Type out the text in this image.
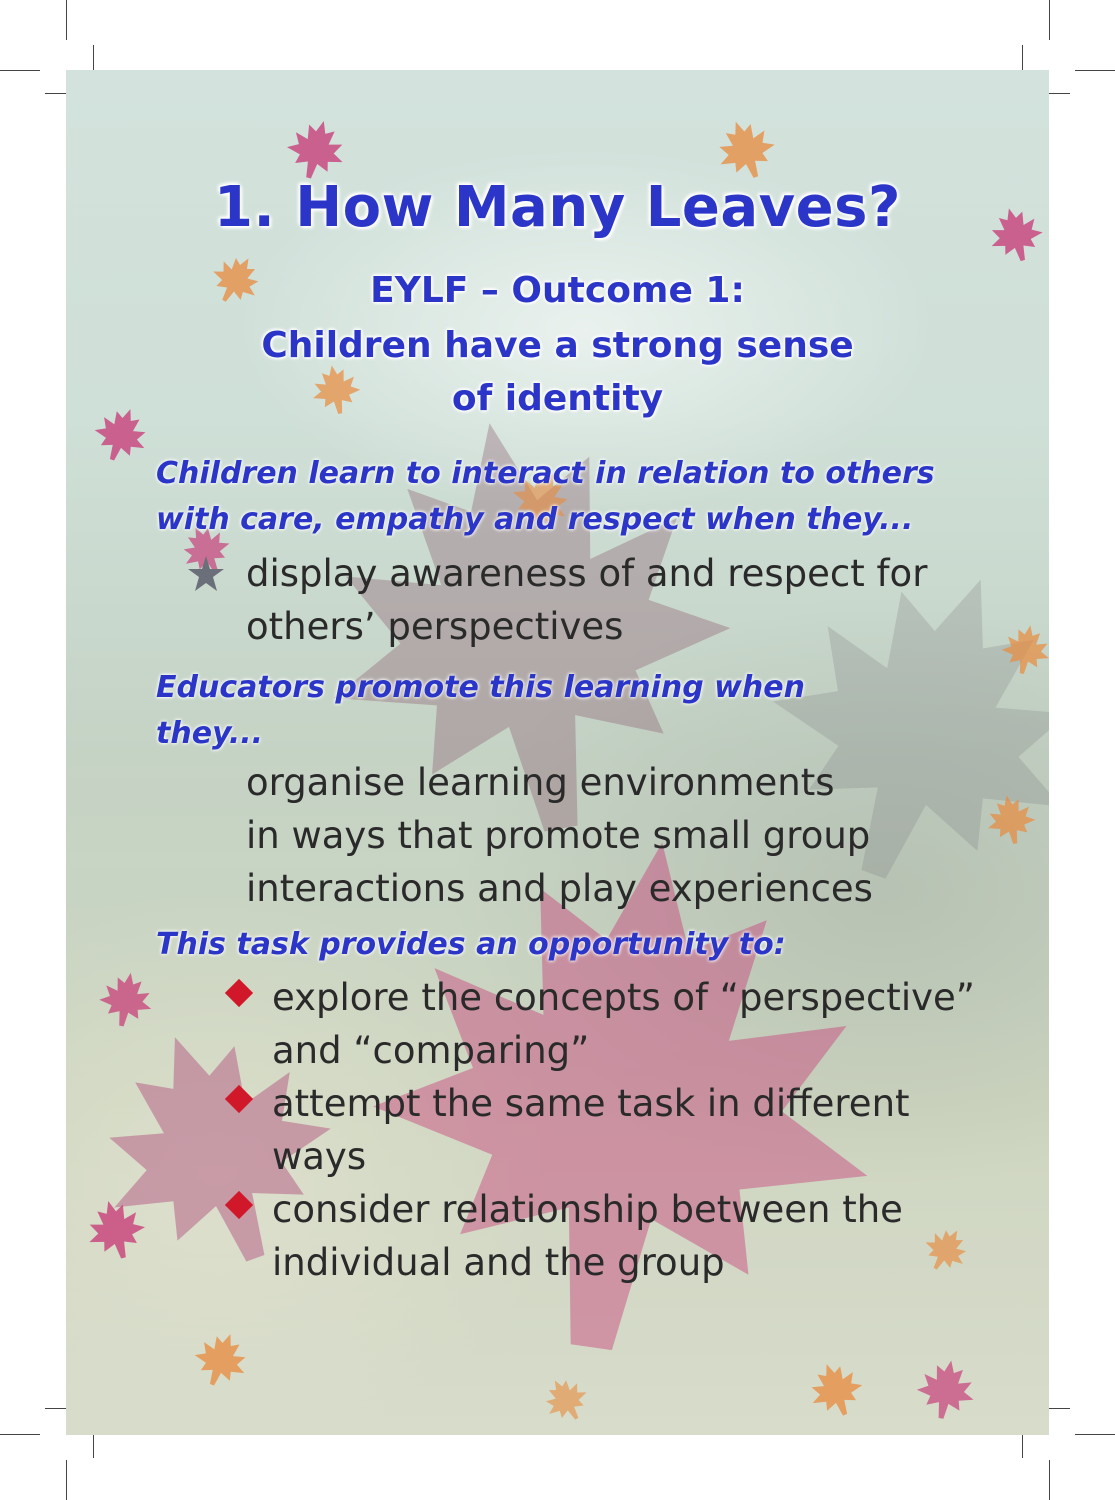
1. How Many Leaves?
EYLF – Outcome 1:
Children have a strong sense
of identity
Children learn to interact in relation to others
with care, empathy and respect when they...
display awareness of and respect for
others’ perspectives
Educators promote this learning when
they...
organise learning environments
in ways that promote small group
interactions and play experiences
This task provides an opportunity to:
explore the concepts of “perspective”
and “comparing”
attempt the same task in different
ways
consider relationship between the
individual and the group
